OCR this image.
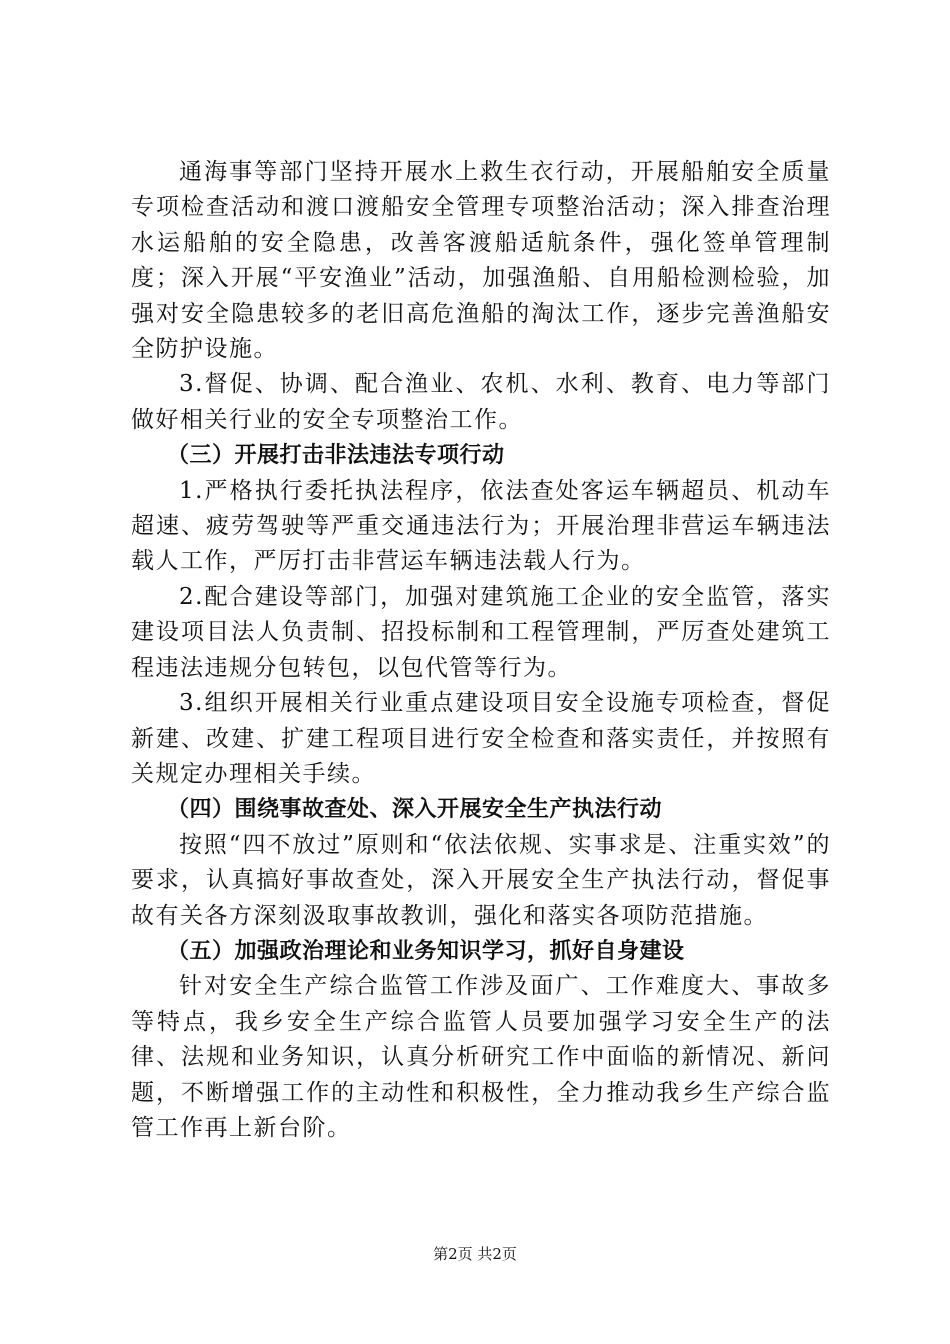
通海事等部门坚持开展水上救生衣行动，开展船舶安全质量专项检查活动和渡口渡船安全管理专项整治活动；深入排查治理水运船舶的安全隐患，改善客渡船适航条件，强化签单管理制度；深入开展“平安渔业”活动，加强渔船、自用船检测检验，加强对安全隐患较多的老旧高危渔船的淘汰工作，逐步完善渔船安全防护设施。

3.督促、协调、配合渔业、农机、水利、教育、电力等部门做好相关行业的安全专项整治工作。

（三）开展打击非法违法专项行动

1.严格执行委托执法程序，依法查处客运车辆超员、机动车超速、疲劳驾驶等严重交通违法行为；开展治理非营运车辆违法载人工作，严厉打击非营运车辆违法载人行为。

2.配合建设等部门，加强对建筑施工企业的安全监管，落实建设项目法人负责制、招投标制和工程管理制，严厉查处建筑工程违法违规分包转包，以包代管等行为。

3.组织开展相关行业重点建设项目安全设施专项检查，督促新建、改建、扩建工程项目进行安全检查和落实责任，并按照有关规定办理相关手续。

（四）围绕事故查处、深入开展安全生产执法行动

按照“四不放过”原则和“依法依规、实事求是、注重实效”的要求，认真搞好事故查处，深入开展安全生产执法行动，督促事故有关各方深刻汲取事故教训，强化和落实各项防范措施。

（五）加强政治理论和业务知识学习，抓好自身建设

针对安全生产综合监管工作涉及面广、工作难度大、事故多等特点，我乡安全生产综合监管人员要加强学习安全生产的法律、法规和业务知识，认真分析研究工作中面临的新情况、新问题，不断增强工作的主动性和积极性，全力推动我乡生产综合监管工作再上新台阶。

第2页 共2页
